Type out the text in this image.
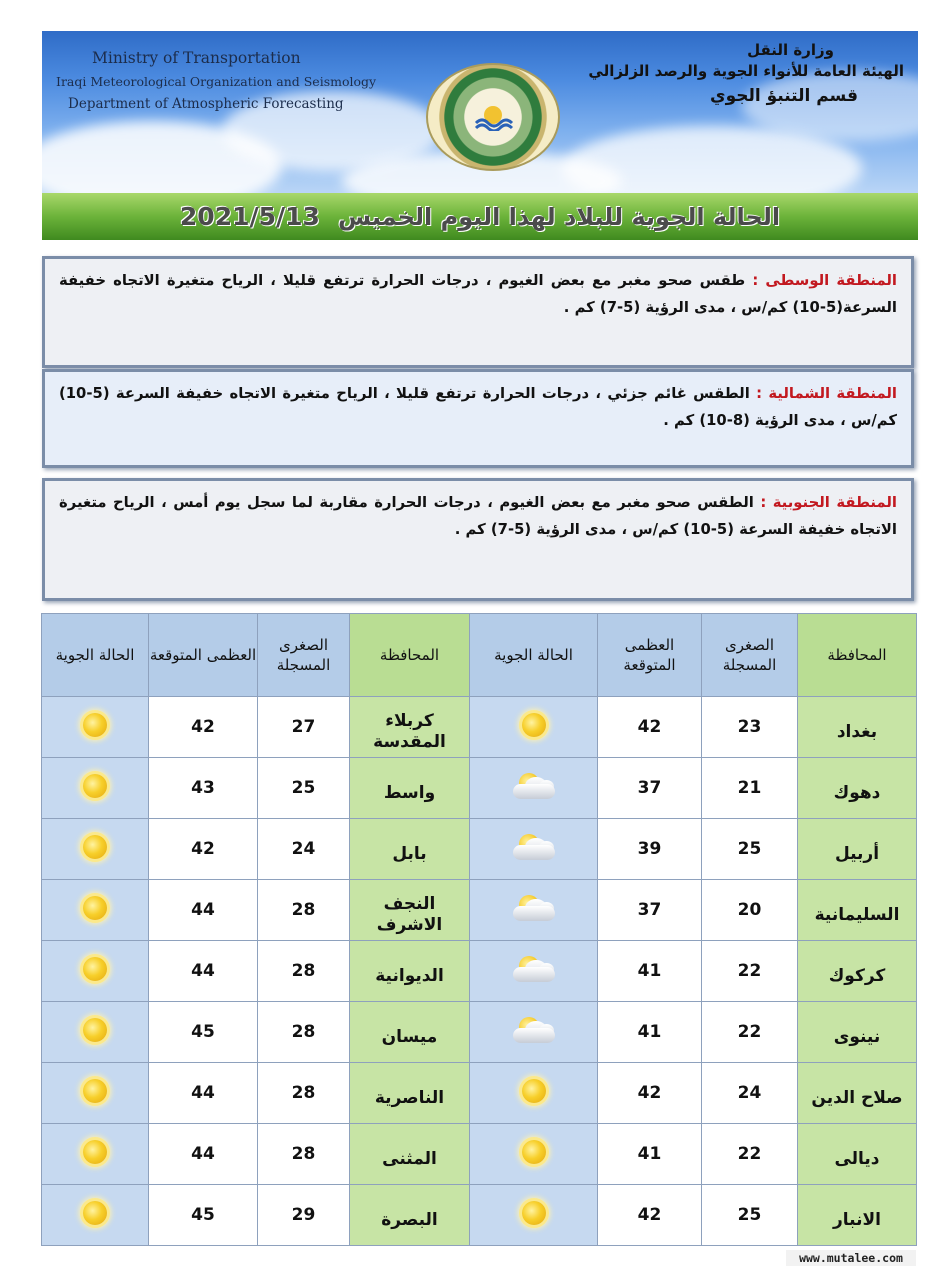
Ministry of Transportation
Iraqi Meteorological Organization and Seismology
Department of Atmospheric Forecasting
وزارة النقل
الهيئة العامة للأنواء الجوية والرصد الزلزالي
قسم التنبؤ الجوي
الحالة الجوية للبلاد لهذا اليوم الخميس
2021/5/13
المنطقة الوسطى : طقس صحو مغبر مع بعض الغيوم ، درجات الحرارة ترتفع قليلا ، الرياح متغيرة الاتجاه خفيفة السرعة(5-10) كم/س ، مدى الرؤية (5-7) كم .
المنطقة الشمالية : الطقس غائم جزئي ، درجات الحرارة ترتفع قليلا ، الرياح متغيرة الاتجاه خفيفة السرعة (5-10) كم/س ، مدى الرؤية (8-10) كم .
المنطقة الجنوبية : الطقس صحو مغبر مع بعض الغيوم ، درجات الحرارة مقاربة لما سجل يوم أمس ، الرياح متغيرة الاتجاه خفيفة السرعة (5-10) كم/س ، مدى الرؤية (5-7) كم .
المحافظة	الصغرى المسجلة	العظمى المتوقعة	الحالة الجوية	المحافظة	الصغرى المسجلة	العظمى المتوقعة	الحالة الجوية
بغداد	23	42		كربلاء المقدسة	27	42	
دهوك	21	37		واسط	25	43	
أربيل	25	39		بابل	24	42	
السليمانية	20	37		النجف الاشرف	28	44	
كركوك	22	41		الديوانية	28	44	
نينوى	22	41		ميسان	28	45	
صلاح الدين	24	42		الناصرية	28	44	
ديالى	22	41		المثنى	28	44	
الانبار	25	42		البصرة	29	45	
www.mutalee.com
